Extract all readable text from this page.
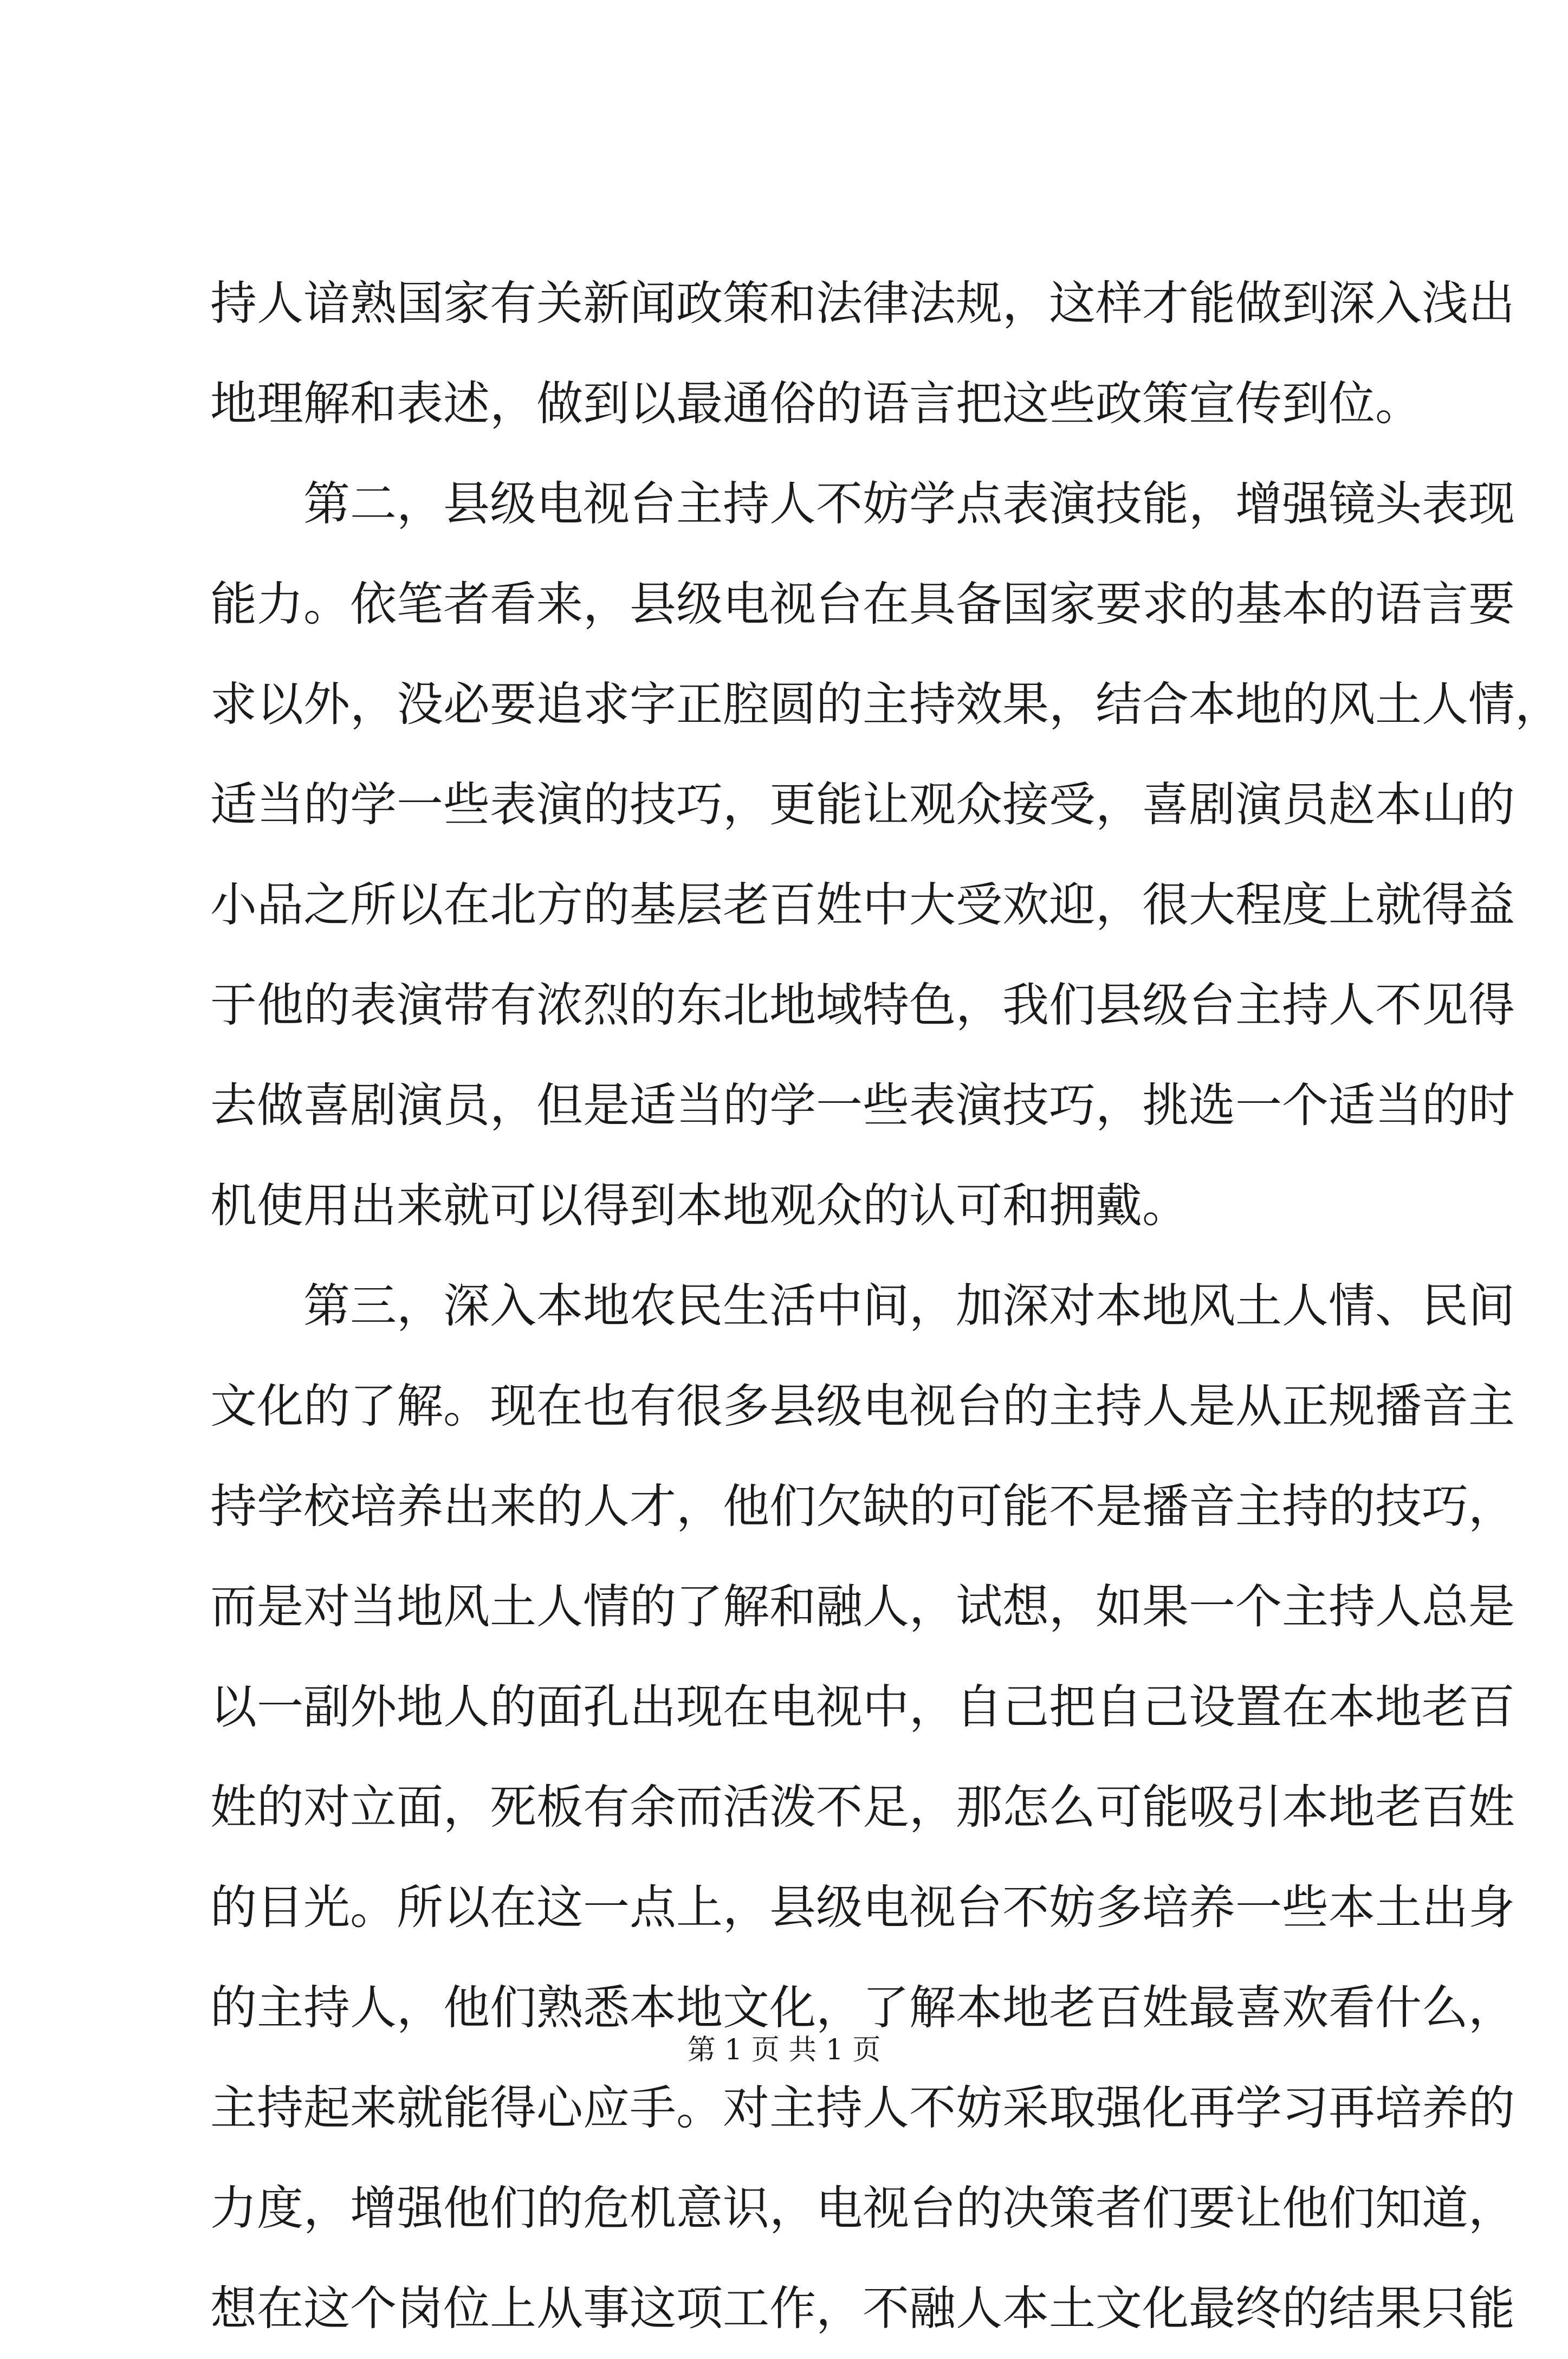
持人谙熟国家有关新闻政策和法律法规，这样才能做到深入浅出
地理解和表述，做到以最通俗的语言把这些政策宣传到位。
第二，县级电视台主持人不妨学点表演技能，增强镜头表现
能力。依笔者看来，县级电视台在具备国家要求的基本的语言要
求以外，没必要追求字正腔圆的主持效果，结合本地的风土人情，
适当的学一些表演的技巧，更能让观众接受，喜剧演员赵本山的
小品之所以在北方的基层老百姓中大受欢迎，很大程度上就得益
于他的表演带有浓烈的东北地域特色，我们县级台主持人不见得
去做喜剧演员，但是适当的学一些表演技巧，挑选一个适当的时
机使用出来就可以得到本地观众的认可和拥戴。
第三，深入本地农民生活中间，加深对本地风土人情、民间
文化的了解。现在也有很多县级电视台的主持人是从正规播音主
持学校培养出来的人才，他们欠缺的可能不是播音主持的技巧，
而是对当地风土人情的了解和融人，试想，如果一个主持人总是
以一副外地人的面孔出现在电视中，自己把自己设置在本地老百
姓的对立面，死板有余而活泼不足，那怎么可能吸引本地老百姓
的目光。所以在这一点上，县级电视台不妨多培养一些本土出身
的主持人，他们熟悉本地文化，了解本地老百姓最喜欢看什么，
主持起来就能得心应手。对主持人不妨采取强化再学习再培养的
力度，增强他们的危机意识，电视台的决策者们要让他们知道，
想在这个岗位上从事这项工作，不融人本土文化最终的结果只能
第 1 页 共 1 页
